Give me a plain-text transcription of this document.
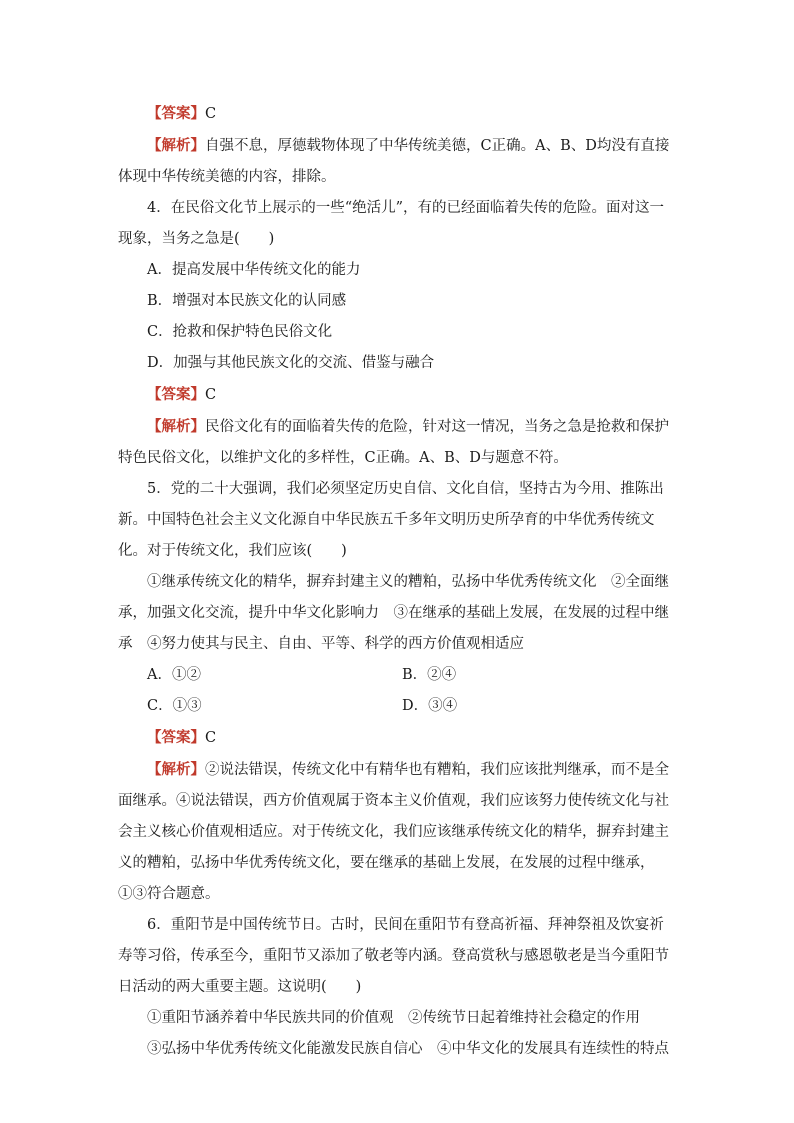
【答案】C

【解析】自强不息，厚德载物体现了中华传统美德，C正确。A、B、D均没有直接体现中华传统美德的内容，排除。

4．在民俗文化节上展示的一些“绝活儿”，有的已经面临着失传的危险。面对这一现象，当务之急是(　　)

A．提高发展中华传统文化的能力

B．增强对本民族文化的认同感

C．抢救和保护特色民俗文化

D．加强与其他民族文化的交流、借鉴与融合

【答案】C

【解析】民俗文化有的面临着失传的危险，针对这一情况，当务之急是抢救和保护特色民俗文化，以维护文化的多样性，C正确。A、B、D与题意不符。

5．党的二十大强调，我们必须坚定历史自信、文化自信，坚持古为今用、推陈出新。中国特色社会主义文化源自中华民族五千多年文明历史所孕育的中华优秀传统文化。对于传统文化，我们应该(　　)

①继承传统文化的精华，摒弃封建主义的糟粕，弘扬中华优秀传统文化　②全面继承，加强文化交流，提升中华文化影响力　③在继承的基础上发展，在发展的过程中继承　④努力使其与民主、自由、平等、科学的西方价值观相适应

A．①②	B．②④
C．①③	D．③④

【答案】C

【解析】②说法错误，传统文化中有精华也有糟粕，我们应该批判继承，而不是全面继承。④说法错误，西方价值观属于资本主义价值观，我们应该努力使传统文化与社会主义核心价值观相适应。对于传统文化，我们应该继承传统文化的精华，摒弃封建主义的糟粕，弘扬中华优秀传统文化，要在继承的基础上发展，在发展的过程中继承，①③符合题意。

6．重阳节是中国传统节日。古时，民间在重阳节有登高祈福、拜神祭祖及饮宴祈寿等习俗，传承至今，重阳节又添加了敬老等内涵。登高赏秋与感恩敬老是当今重阳节日活动的两大重要主题。这说明(　　)

①重阳节涵养着中华民族共同的价值观　②传统节日起着维持社会稳定的作用

③弘扬中华优秀传统文化能激发民族自信心　④中华文化的发展具有连续性的特点
